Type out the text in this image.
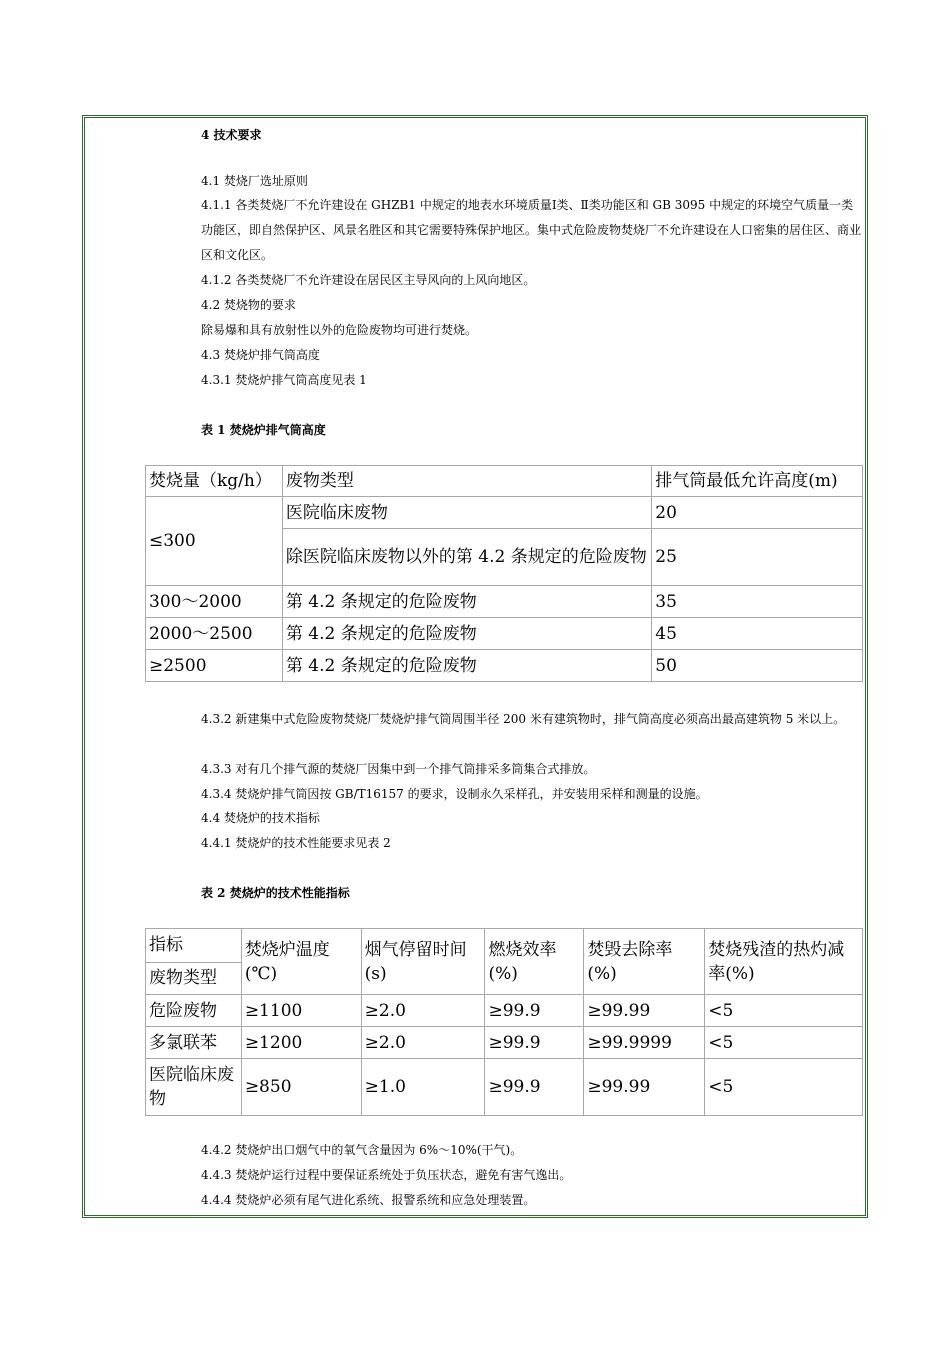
4 技术要求
4.1 焚烧厂选址原则
4.1.1 各类焚烧厂不允许建设在 GHZB1 中规定的地表水环境质量Ⅰ类、Ⅱ类功能区和 GB 3095 中规定的环境空气质量一类功能区，即自然保护区、风景名胜区和其它需要特殊保护地区。集中式危险废物焚烧厂不允许建设在人口密集的居住区、商业区和文化区。
4.1.2 各类焚烧厂不允许建设在居民区主导风向的上风向地区。
4.2 焚烧物的要求
除易爆和具有放射性以外的危险废物均可进行焚烧。
4.3 焚烧炉排气筒高度
4.3.1 焚烧炉排气筒高度见表 1
表 1 焚烧炉排气筒高度
焚烧量（kg/h）	废物类型	排气筒最低允许高度(m)
≤300	医院临床废物	20
	除医院临床废物以外的第 4.2 条规定的危险废物	25
300～2000	第 4.2 条规定的危险废物	35
2000～2500	第 4.2 条规定的危险废物	45
≥2500	第 4.2 条规定的危险废物	50
4.3.2 新建集中式危险废物焚烧厂焚烧炉排气筒周围半径 200 米有建筑物时，排气筒高度必须高出最高建筑物 5 米以上。
4.3.3 对有几个排气源的焚烧厂因集中到一个排气筒排采多筒集合式排放。
4.3.4 焚烧炉排气筒因按 GB/T16157 的要求，设制永久采样孔，并安装用采样和测量的设施。
4.4 焚烧炉的技术指标
4.4.1 焚烧炉的技术性能要求见表 2
表 2 焚烧炉的技术性能指标
指标
废物类型	焚烧炉温度(℃)	烟气停留时间(s)	燃烧效率(%)	焚毁去除率(%)	焚烧残渣的热灼减率(%)
危险废物	≥1100	≥2.0	≥99.9	≥99.99	<5
多氯联苯	≥1200	≥2.0	≥99.9	≥99.9999	<5
医院临床废物	≥850	≥1.0	≥99.9	≥99.99	<5
4.4.2 焚烧炉出口烟气中的氧气含量因为 6%～10%(干气)。
4.4.3 焚烧炉运行过程中要保证系统处于负压状态，避免有害气逸出。
4.4.4 焚烧炉必须有尾气进化系统、报警系统和应急处理装置。
